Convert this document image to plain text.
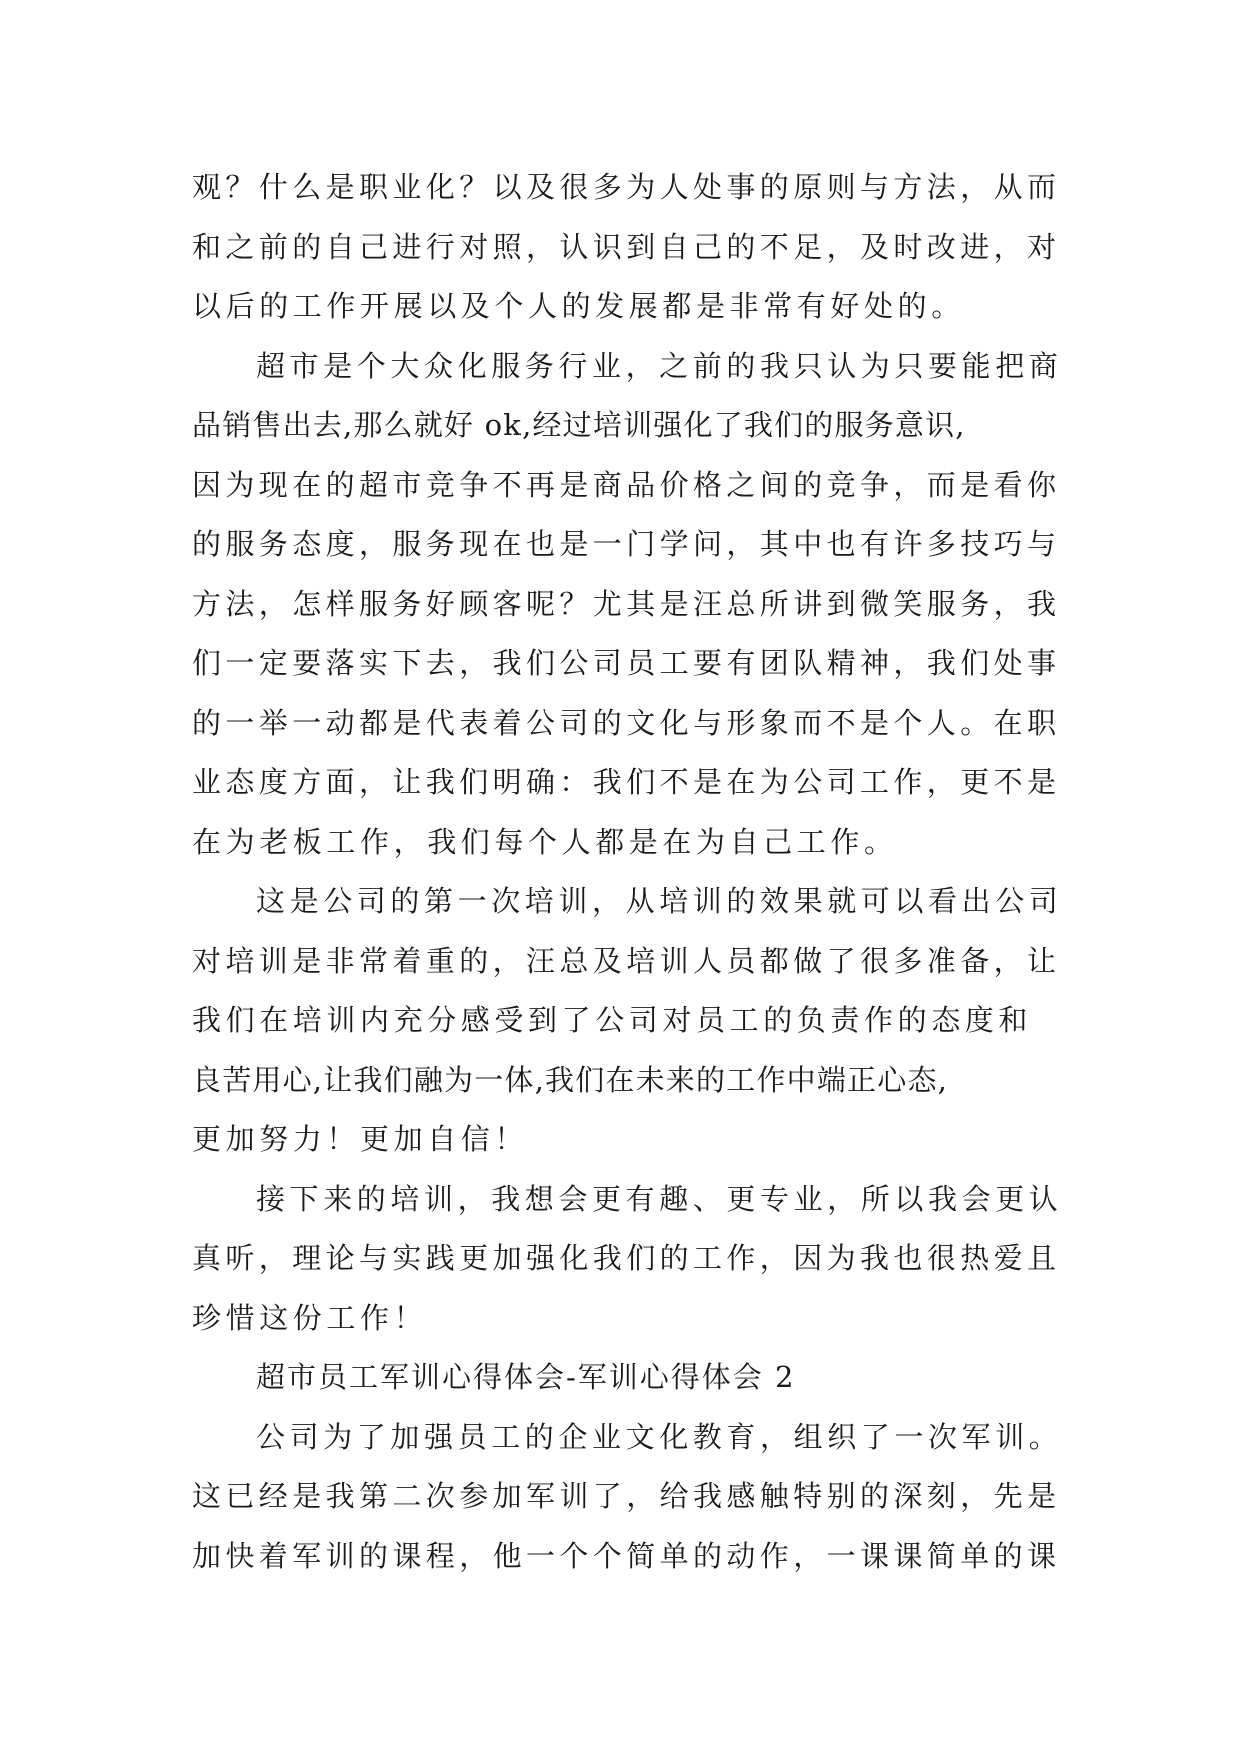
观？什么是职业化？以及很多为人处事的原则与方法，从而
和之前的自己进行对照，认识到自己的不足，及时改进，对
以后的工作开展以及个人的发展都是非常有好处的。
超市是个大众化服务行业，之前的我只认为只要能把商
品销售出去,那么就好 ok,经过培训强化了我们的服务意识,
因为现在的超市竞争不再是商品价格之间的竞争，而是看你
的服务态度，服务现在也是一门学问，其中也有许多技巧与
方法，怎样服务好顾客呢？尤其是汪总所讲到微笑服务，我
们一定要落实下去，我们公司员工要有团队精神，我们处事
的一举一动都是代表着公司的文化与形象而不是个人。在职
业态度方面，让我们明确：我们不是在为公司工作，更不是
在为老板工作，我们每个人都是在为自己工作。
这是公司的第一次培训，从培训的效果就可以看出公司
对培训是非常着重的，汪总及培训人员都做了很多准备，让
我们在培训内充分感受到了公司对员工的负责作的态度和
良苦用心,让我们融为一体,我们在未来的工作中端正心态,
更加努力！更加自信！
接下来的培训，我想会更有趣、更专业，所以我会更认
真听，理论与实践更加强化我们的工作，因为我也很热爱且
珍惜这份工作！
超市员工军训心得体会-军训心得体会 2
公司为了加强员工的企业文化教育，组织了一次军训。
这已经是我第二次参加军训了，给我感触特别的深刻，先是
加快着军训的课程，他一个个简单的动作，一课课简单的课
